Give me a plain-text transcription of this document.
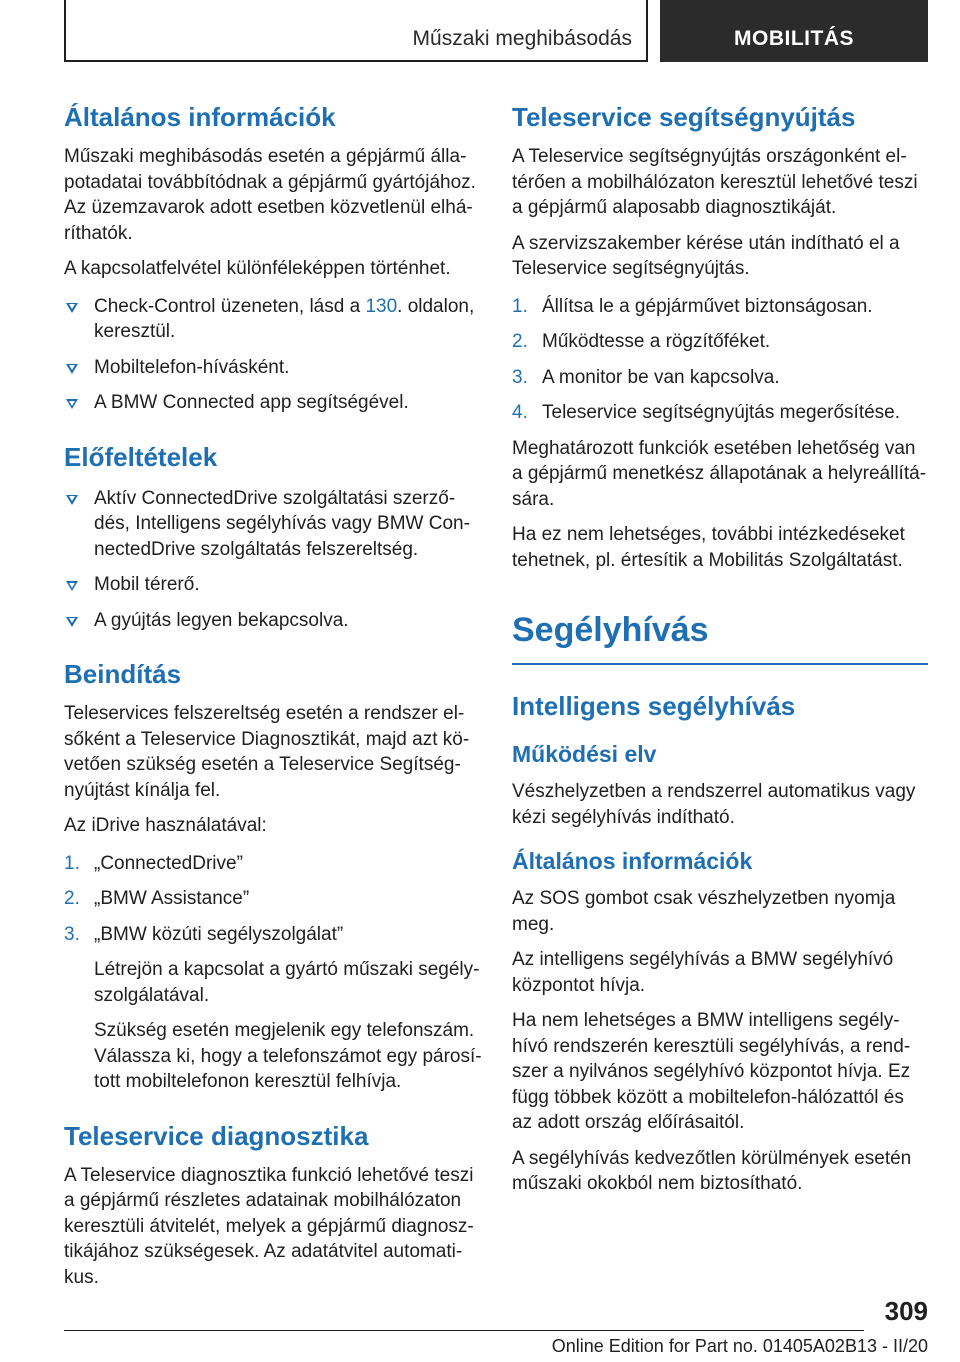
Műszaki meghibásodás	MOBILITÁS
Általános információk

Műszaki meghibásodás esetén a gépjármű állapotadatai továbbítódnak a gépjármű gyártójához. Az üzemzavarok adott esetben közvetlenül elháríthatók.

A kapcsolatfelvétel különféleképpen történhet.

Check-Control üzeneten, lásd a 130. oldalon, keresztül.
Mobiltelefon-hívásként.
A BMW Connected app segítségével.
Előfeltételek
Aktív ConnectedDrive szolgáltatási szerződés, Intelligens segélyhívás vagy BMW ConnectedDrive szolgáltatás felszereltség.
Mobil térerő.
A gyújtás legyen bekapcsolva.
Beindítás

Teleservices felszereltség esetén a rendszer elsőként a Teleservice Diagnosztikát, majd azt követően szükség esetén a Teleservice Segítségnyújtást kínálja fel.

Az iDrive használatával:

1. „ConnectedDrive”
2. „BMW Assistance”
3. „BMW közúti segélyszolgálat”

Létrejön a kapcsolat a gyártó műszaki segélyszolgálatával.

Szükség esetén megjelenik egy telefonszám. Válassza ki, hogy a telefonszámot egy párosított mobiltelefonon keresztül felhívja.

Teleservice diagnosztika

A Teleservice diagnosztika funkció lehetővé teszi a gépjármű részletes adatainak mobilhálózaton keresztüli átvitelét, melyek a gépjármű diagnosztikájához szükségesek. Az adatátvitel automatikus.

Teleservice segítségnyújtás

A Teleservice segítségnyújtás országonként eltérően a mobilhálózaton keresztül lehetővé teszi a gépjármű alaposabb diagnosztikáját.

A szervizszakember kérése után indítható el a Teleservice segítségnyújtás.

1. Állítsa le a gépjárművet biztonságosan.
2. Működtesse a rögzítőféket.
3. A monitor be van kapcsolva.
4. Teleservice segítségnyújtás megerősítése.

Meghatározott funkciók esetében lehetőség van a gépjármű menetkész állapotának a helyreállítására.

Ha ez nem lehetséges, további intézkedéseket tehetnek, pl. értesítik a Mobilitás Szolgáltatást.

Segélyhívás
Intelligens segélyhívás
Működési elv

Vészhelyzetben a rendszerrel automatikus vagy kézi segélyhívás indítható.

Általános információk

Az SOS gombot csak vészhelyzetben nyomja meg.

Az intelligens segélyhívás a BMW segélyhívó központot hívja.

Ha nem lehetséges a BMW intelligens segélyhívó rendszerén keresztüli segélyhívás, a rendszer a nyilvános segélyhívó központot hívja. Ez függ többek között a mobiltelefon-hálózattól és az adott ország előírásaitól.

A segélyhívás kedvezőtlen körülmények esetén műszaki okokból nem biztosítható.

309
Online Edition for Part no. 01405A02B13 - II/20
